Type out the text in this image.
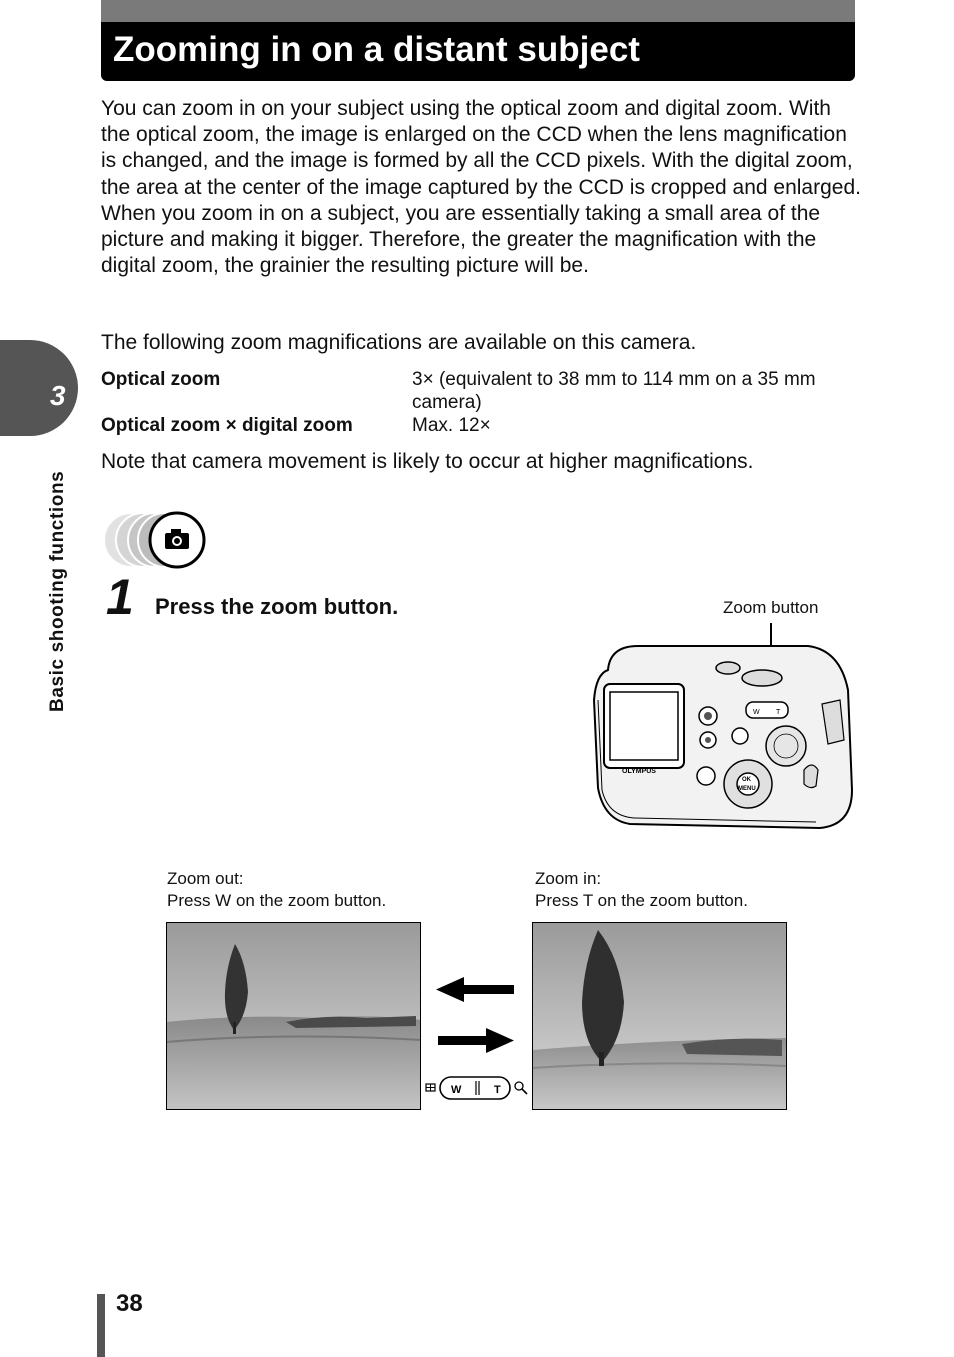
Zooming in on a distant subject
3
Basic shooting functions
You can zoom in on your subject using the optical zoom and digital zoom. With the optical zoom, the image is enlarged on the CCD when the lens magnification is changed, and the image is formed by all the CCD pixels. With the digital zoom, the area at the center of the image captured by the CCD is cropped and enlarged. When you zoom in on a subject, you are essentially taking a small area of the picture and making it bigger. Therefore, the greater the magnification with the digital zoom, the grainier the resulting picture will be.
The following zoom magnifications are available on this camera.
Optical zoom	3× (equivalent to 38 mm to 114 mm on a 35 mm camera)
Optical zoom × digital zoom	Max. 12×
Note that camera movement is likely to occur at higher magnifications.
1 Press the zoom button.	Zoom button
OLYMPUS
W T
OK
MENU
Zoom out:
Press W on the zoom button.
Zoom in:
Press T on the zoom button.
W	T
38
